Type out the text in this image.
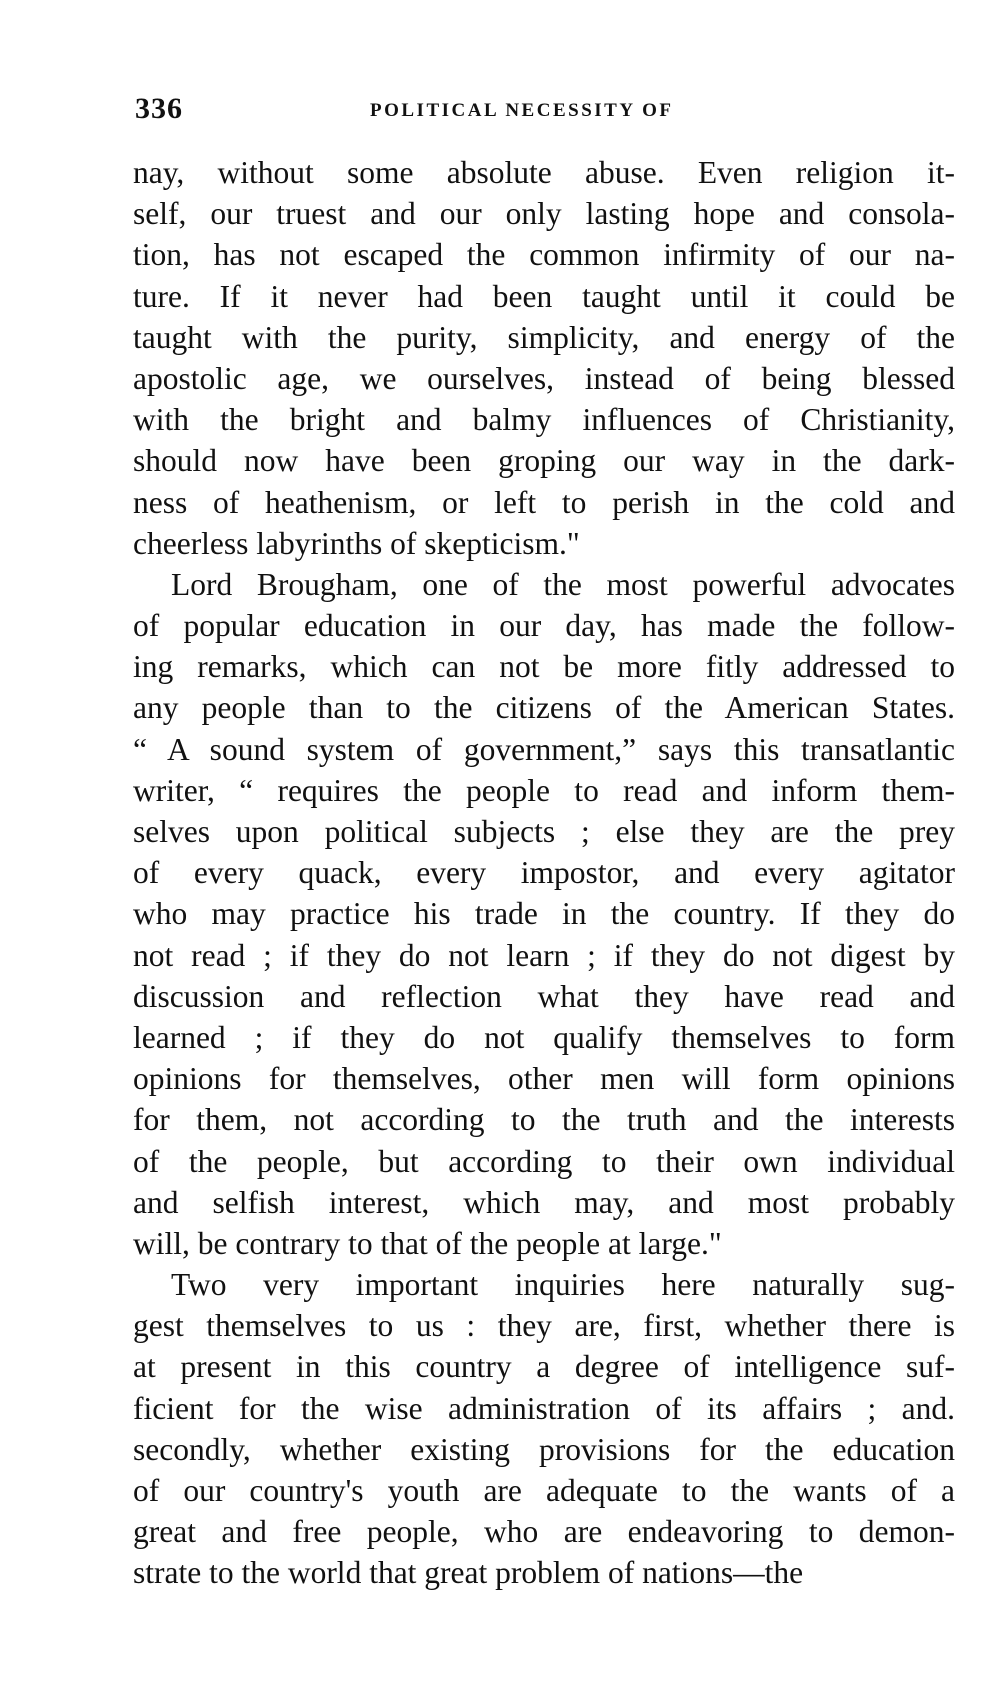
336	POLITICAL NECESSITY OF
nay, without some absolute abuse. Even religion it-
self, our truest and our only lasting hope and consola-
tion, has not escaped the common infirmity of our na-
ture. If it never had been taught until it could be
taught with the purity, simplicity, and energy of the
apostolic age, we ourselves, instead of being blessed
with the bright and balmy influences of Christianity,
should now have been groping our way in the dark-
ness of heathenism, or left to perish in the cold and
cheerless labyrinths of skepticism."
Lord Brougham, one of the most powerful advocates
of popular education in our day, has made the follow-
ing remarks, which can not be more fitly addressed to
any people than to the citizens of the American States.
“ A sound system of government,” says this transatlantic
writer, “ requires the people to read and inform them-
selves upon political subjects ; else they are the prey
of every quack, every impostor, and every agitator
who may practice his trade in the country. If they do
not read ; if they do not learn ; if they do not digest by
discussion and reflection what they have read and
learned ; if they do not qualify themselves to form
opinions for themselves, other men will form opinions
for them, not according to the truth and the interests
of the people, but according to their own individual
and selfish interest, which may, and most probably
will, be contrary to that of the people at large."
Two very important inquiries here naturally sug-
gest themselves to us : they are, first, whether there is
at present in this country a degree of intelligence suf-
ficient for the wise administration of its affairs ; and.
secondly, whether existing provisions for the education
of our country's youth are adequate to the wants of a
great and free people, who are endeavoring to demon-
strate to the world that great problem of nations—the
